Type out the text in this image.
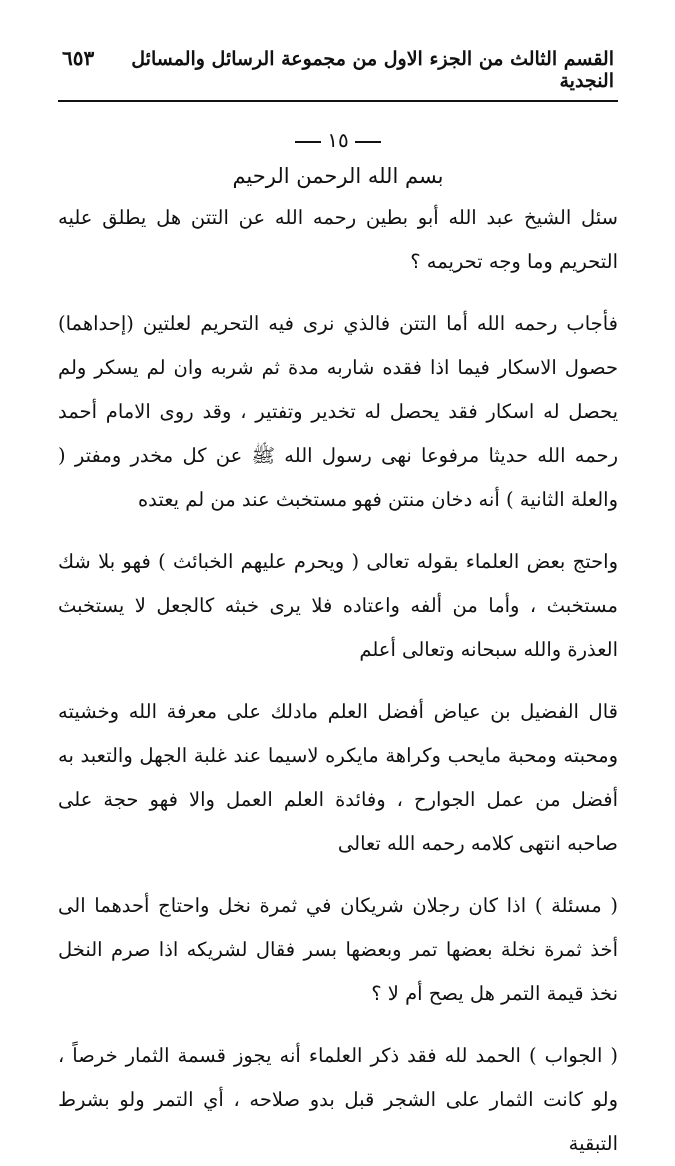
القسم الثالث من الجزء الاول من مجموعة الرسائل والمسائل النجدية
٦٥٣
١٥
بسم الله الرحمن الرحيم

سئل الشيخ عبد الله أبو بطين رحمه الله عن التتن هل يطلق عليه التحريم وما وجه تحريمه ؟

فأجاب رحمه الله أما التتن فالذي نرى فيه التحريم لعلتين (إحداهما) حصول الاسكار فيما اذا فقده شاربه مدة ثم شربه وان لم يسكر ولم يحصل له اسكار فقد يحصل له تخدير وتفتير ، وقد روى الامام أحمد رحمه الله حديثا مرفوعا نهى رسول الله ﷺ عن كل مخدر ومفتر ( والعلة الثانية ) أنه دخان منتن فهو مستخبث عند من لم يعتده

واحتج بعض العلماء بقوله تعالى ( ويحرم عليهم الخبائث ) فهو بلا شك مستخبث ، وأما من ألفه واعتاده فلا يرى خبثه كالجعل لا يستخبث العذرة والله سبحانه وتعالى أعلم

قال الفضيل بن عياض أفضل العلم مادلك على معرفة الله وخشيته ومحبته ومحبة مايحب وكراهة مايكره لاسيما عند غلبة الجهل والتعبد به أفضل من عمل الجوارح ، وفائدة العلم العمل والا فهو حجة على صاحبه انتهى كلامه رحمه الله تعالى

( مسئلة ) اذا كان رجلان شريكان في ثمرة نخل واحتاج أحدهما الى أخذ ثمرة نخلة بعضها تمر وبعضها بسر فقال لشريكه اذا صرم النخل نخذ قيمة التمر هل يصح أم لا ؟

( الجواب ) الحمد لله فقد ذكر العلماء أنه يجوز قسمة الثمار خرصاً ، ولو كانت الثمار على الشجر قبل بدو صلاحه ، أي التمر ولو بشرط التبقية
